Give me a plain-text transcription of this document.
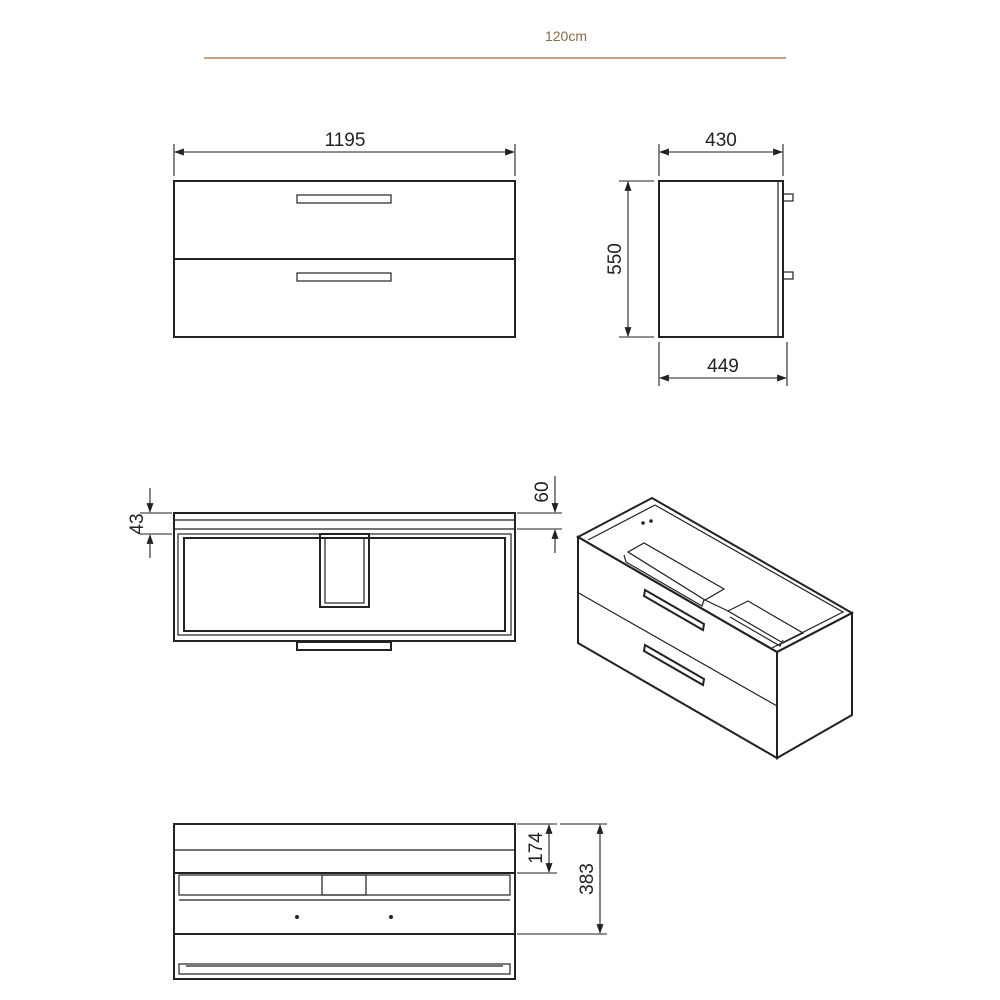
120cm
1195	430
550
449
43
60
174
383
